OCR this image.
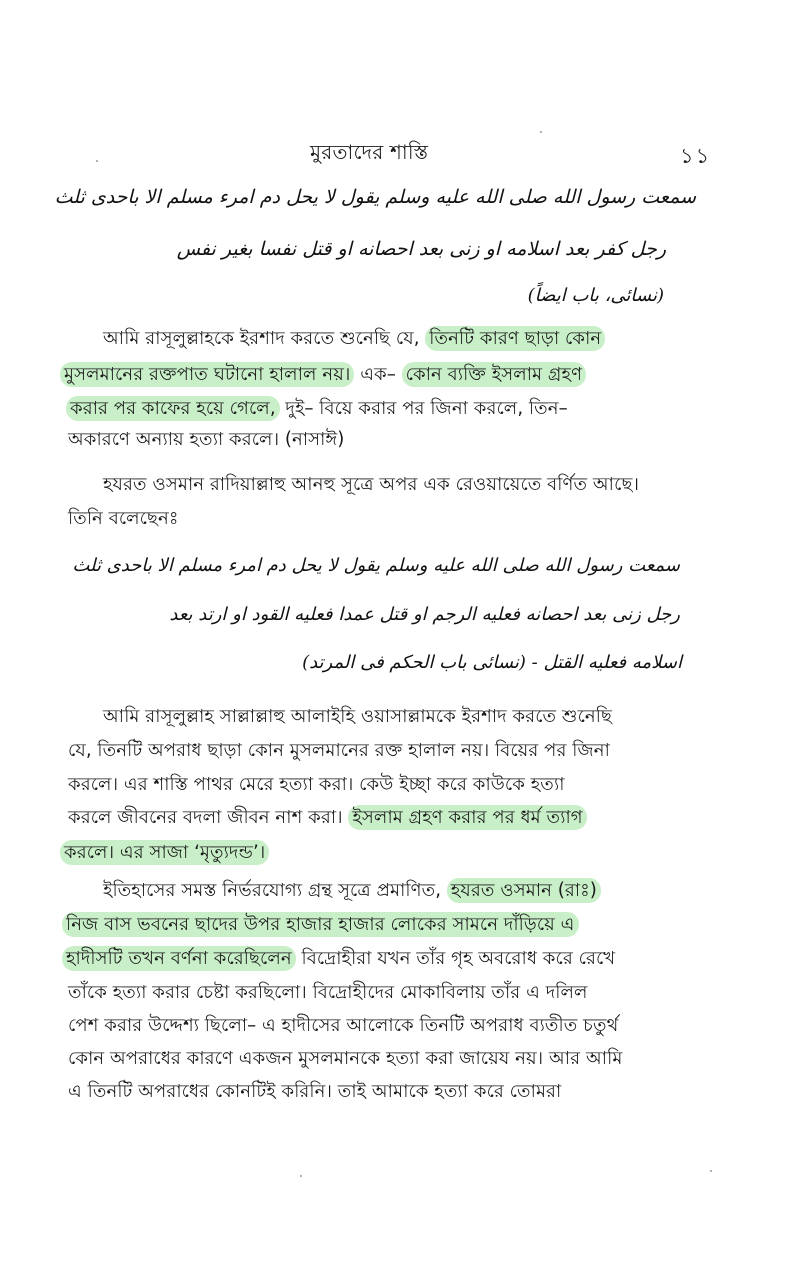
মুরতাদের শাস্তি	১১
سمعت رسول الله صلى الله عليه وسلم يقول لا يحل دم امرء مسلم الا باحدى ثلث
رجل كفر بعد اسلامه او زنى بعد احصانه او قتل نفسا بغير نفس
(نسائی، باب ایضاً)
আমি রাসূলুল্লাহকে ইরশাদ করতে শুনেছি যে, তিনটি কারণ ছাড়া কোন
মুসলমানের রক্তপাত ঘটানো হালাল নয়। এক– কোন ব্যক্তি ইসলাম গ্রহণ
করার পর কাফের হয়ে গেলে, দুই– বিয়ে করার পর জিনা করলে, তিন–
অকারণে অন্যায় হত্যা করলে। (নাসাঈ)
হযরত ওসমান রাদিয়াল্লাহু আনহু সূত্রে অপর এক রেওয়ায়েতে বর্ণিত আছে।
তিনি বলেছেনঃ
سمعت رسول الله صلى الله عليه وسلم يقول لا يحل دم امرء مسلم الا باحدى ثلث
رجل زنى بعد احصانه فعليه الرجم او قتل عمدا فعليه القود او ارتد بعد
اسلامه فعليه القتل - (نسائی باب الحکم فی المرتد)
আমি রাসূলুল্লাহ সাল্লাল্লাহু আলাইহি ওয়াসাল্লামকে ইরশাদ করতে শুনেছি
যে, তিনটি অপরাধ ছাড়া কোন মুসলমানের রক্ত হালাল নয়। বিয়ের পর জিনা
করলে। এর শাস্তি পাথর মেরে হত্যা করা। কেউ ইচ্ছা করে কাউকে হত্যা
করলে জীবনের বদলা জীবন নাশ করা। ইসলাম গ্রহণ করার পর ধর্ম ত্যাগ
করলে। এর সাজা ‘মৃত্যুদন্ড’।
ইতিহাসের সমস্ত নির্ভরযোগ্য গ্রন্থ সূত্রে প্রমাণিত, হযরত ওসমান (রাঃ)
নিজ বাস ভবনের ছাদের উপর হাজার হাজার লোকের সামনে দাঁড়িয়ে এ
হাদীসটি তখন বর্ণনা করেছিলেন বিদ্রোহীরা যখন তাঁর গৃহ অবরোধ করে রেখে
তাঁকে হত্যা করার চেষ্টা করছিলো। বিদ্রোহীদের মোকাবিলায় তাঁর এ দলিল
পেশ করার উদ্দেশ্য ছিলো– এ হাদীসের আলোকে তিনটি অপরাধ ব্যতীত চতুর্থ
কোন অপরাধের কারণে একজন মুসলমানকে হত্যা করা জায়েয নয়। আর আমি
এ তিনটি অপরাধের কোনটিই করিনি। তাই আমাকে হত্যা করে তোমরা
